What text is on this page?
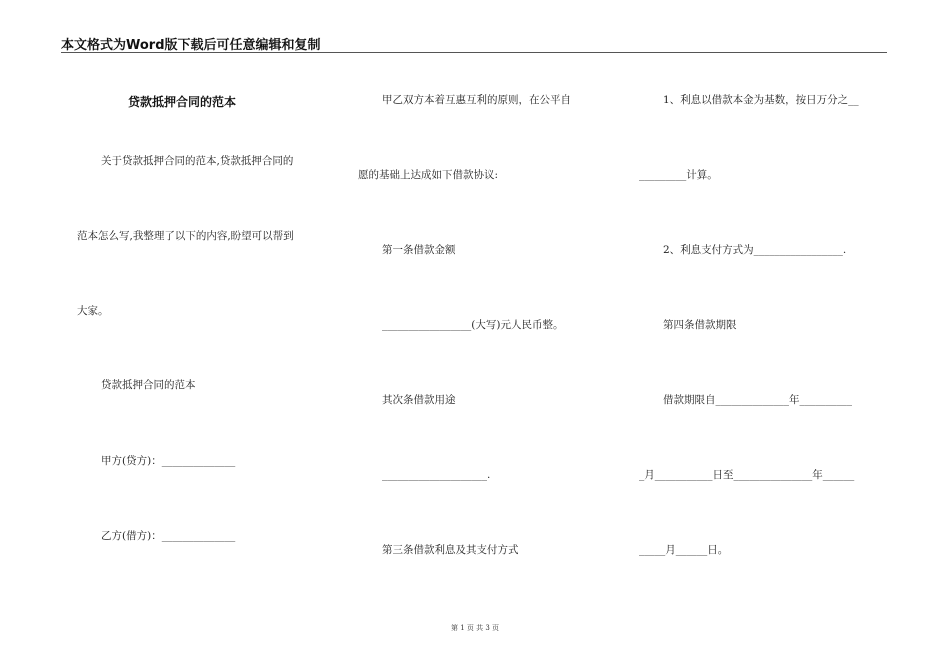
本文格式为Word版下载后可任意编辑和复制
贷款抵押合同的范本
关于贷款抵押合同的范本,贷款抵押合同的
范本怎么写,我整理了以下的内容,盼望可以帮到
大家。
贷款抵押合同的范本
甲方(贷方)：______________
乙方(借方)：______________
甲乙双方本着互惠互利的原则，在公平自
愿的基础上达成如下借款协议:
第一条借款金额
_________________(大写)元人民币整。
其次条借款用途
____________________.
第三条借款利息及其支付方式
1、利息以借款本金为基数，按日万分之__
_________计算。
2、利息支付方式为_________________.
第四条借款期限
借款期限自______________年__________
_月___________日至_______________年______
_____月______日。
第 1 页 共 3 页
